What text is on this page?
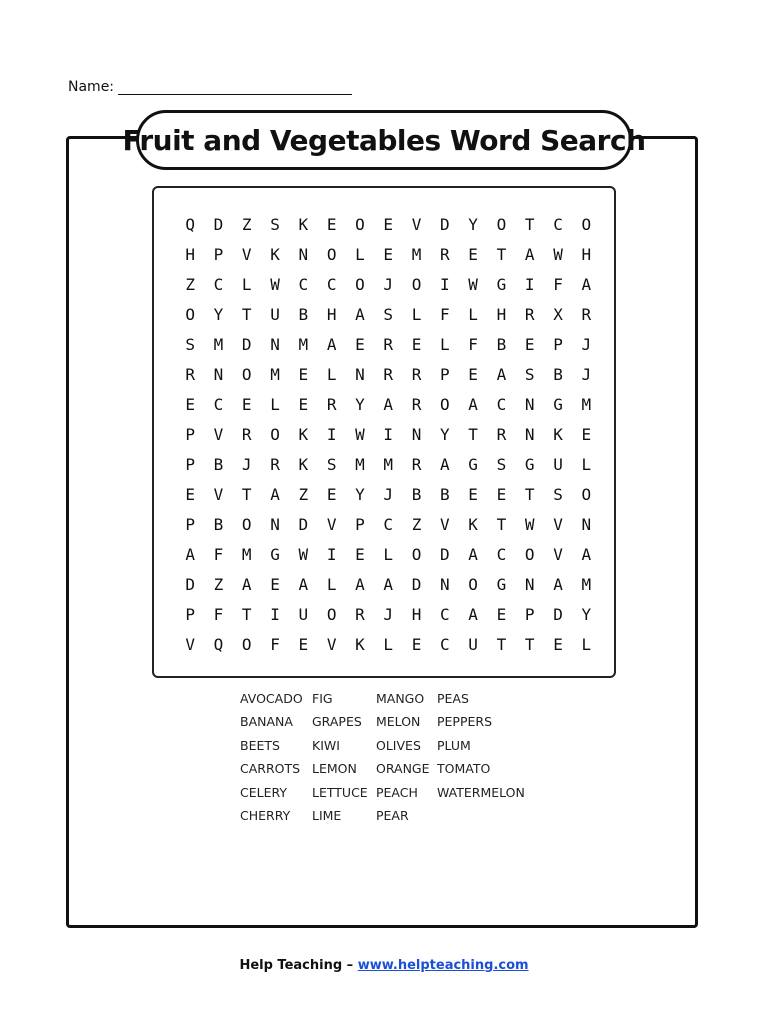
Name:
Fruit and Vegetables Word Search
Q	D	Z	S	K	E	O	E	V	D	Y	O	T	C	O
H	P	V	K	N	O	L	E	M	R	E	T	A	W	H
Z	C	L	W	C	C	O	J	O	I	W	G	I	F	A
O	Y	T	U	B	H	A	S	L	F	L	H	R	X	R
S	M	D	N	M	A	E	R	E	L	F	B	E	P	J
R	N	O	M	E	L	N	R	R	P	E	A	S	B	J
E	C	E	L	E	R	Y	A	R	O	A	C	N	G	M
P	V	R	O	K	I	W	I	N	Y	T	R	N	K	E
P	B	J	R	K	S	M	M	R	A	G	S	G	U	L
E	V	T	A	Z	E	Y	J	B	B	E	E	T	S	O
P	B	O	N	D	V	P	C	Z	V	K	T	W	V	N
A	F	M	G	W	I	E	L	O	D	A	C	O	V	A
D	Z	A	E	A	L	A	A	D	N	O	G	N	A	M
P	F	T	I	U	O	R	J	H	C	A	E	P	D	Y
V	Q	O	F	E	V	K	L	E	C	U	T	T	E	L
AVOCADO
BANANA
BEETS
CARROTS
CELERY
CHERRY
FIG
GRAPES
KIWI
LEMON
LETTUCE
LIME
MANGO
MELON
OLIVES
ORANGE
PEACH
PEAR
PEAS
PEPPERS
PLUM
TOMATO
WATERMELON
Help Teaching – www.helpteaching.com
